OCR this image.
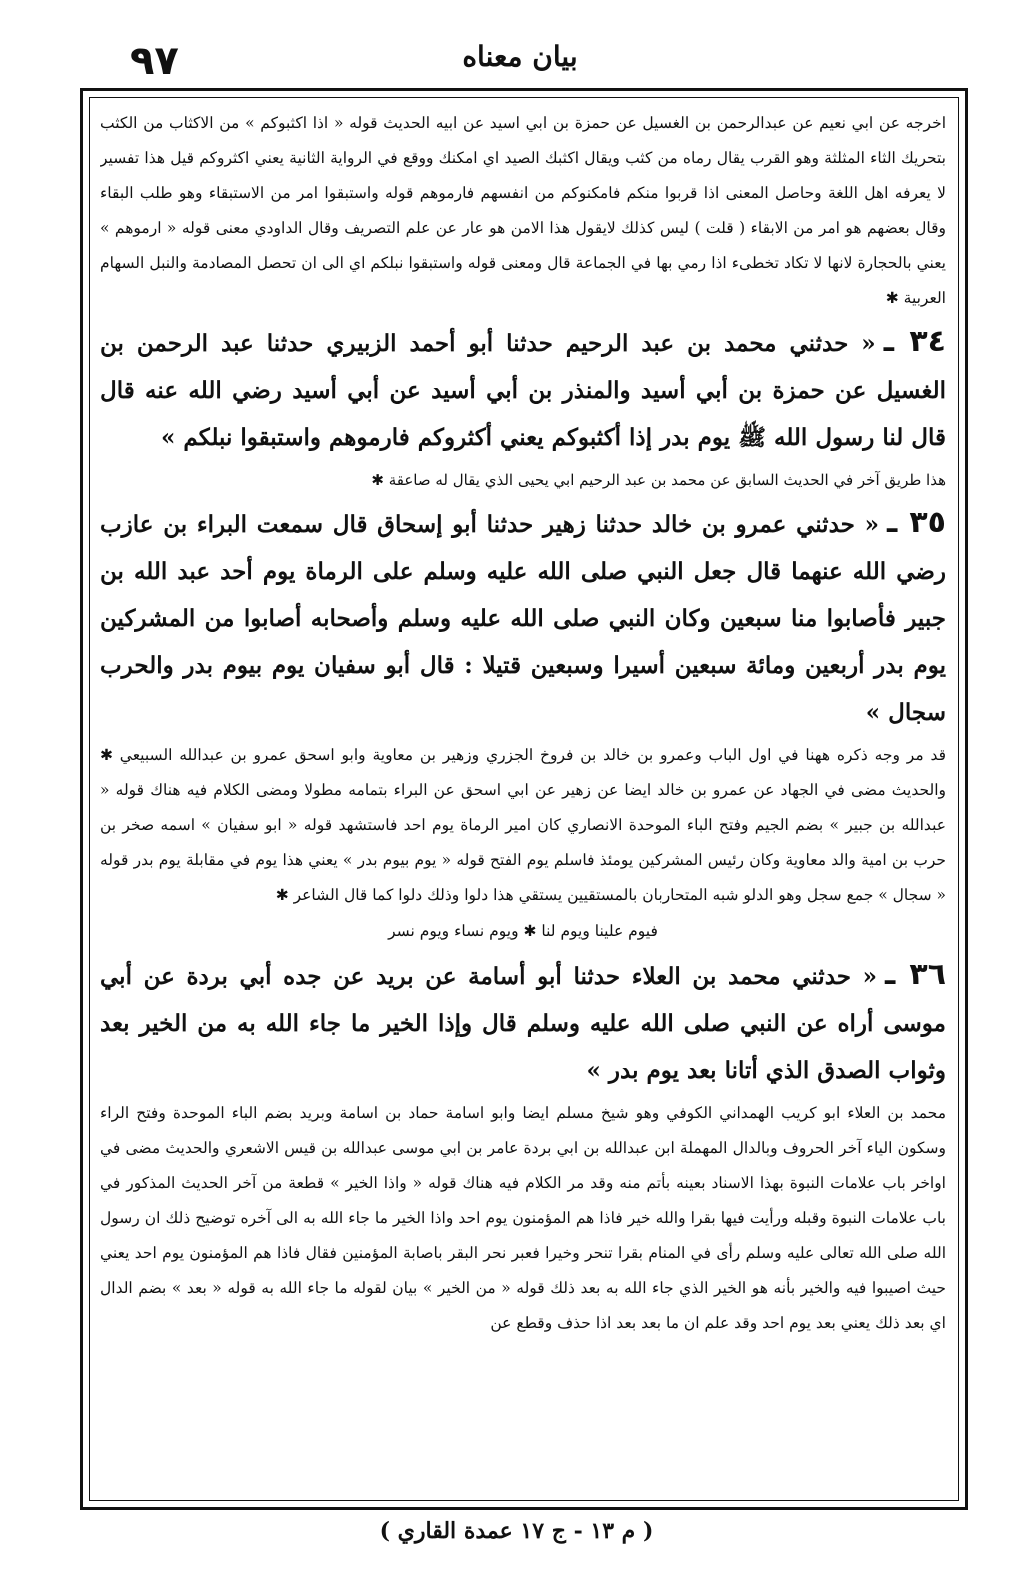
٩٧	بيان معناه

اخرجه عن ابي نعيم عن عبدالرحمن بن الغسيل عن حمزة بن ابي اسيد عن ابيه الحديث قوله « اذا اكثبوكم » من الاكثاب من الكثب بتحريك الثاء المثلثة وهو القرب يقال رماه من كثب ويقال اكثبك الصيد اي امكنك ووقع في الرواية الثانية يعني اكثروكم قيل هذا تفسير لا يعرفه اهل اللغة وحاصل المعنى اذا قربوا منكم فامكنوكم من انفسهم فارموهم قوله واستبقوا امر من الاستبقاء وهو طلب البقاء وقال بعضهم هو امر من الابقاء ( قلت ) ليس كذلك لايقول هذا الامن هو عار عن علم التصريف وقال الداودي معنى قوله « ارموهم » يعني بالحجارة لانها لا تكاد تخطىء اذا رمي بها في الجماعة قال ومعنى قوله واستبقوا نبلكم اي الى ان تحصل المصادمة والنبل السهام العربية ✱

٣٤ ـ« حدثني محمد بن عبد الرحيم حدثنا أبو أحمد الزبيري حدثنا عبد الرحمن بن الغسيل عن حمزة بن أبي أسيد والمنذر بن أبي أسيد عن أبي أسيد رضي الله عنه قال قال لنا رسول الله ﷺ يوم بدر إذا أكثبوكم يعني أكثروكم فارموهم واستبقوا نبلكم »

هذا طريق آخر في الحديث السابق عن محمد بن عبد الرحيم ابي يحيى الذي يقال له صاعقة ✱

٣٥ ـ« حدثني عمرو بن خالد حدثنا زهير حدثنا أبو إسحاق قال سمعت البراء بن عازب رضي الله عنهما قال جعل النبي صلى الله عليه وسلم على الرماة يوم أحد عبد الله بن جبير فأصابوا منا سبعين وكان النبي صلى الله عليه وسلم وأصحابه أصابوا من المشركين يوم بدر أربعين ومائة سبعين أسيرا وسبعين قتيلا : قال أبو سفيان يوم بيوم بدر والحرب سجال »

قد مر وجه ذكره ههنا في اول الباب وعمرو بن خالد بن فروخ الجزري وزهير بن معاوية وابو اسحق عمرو بن عبدالله السبيعي ✱ والحديث مضى في الجهاد عن عمرو بن خالد ايضا عن زهير عن ابي اسحق عن البراء بتمامه مطولا ومضى الكلام فيه هناك قوله « عبدالله بن جبير » بضم الجيم وفتح الباء الموحدة الانصاري كان امير الرماة يوم احد فاستشهد قوله « ابو سفيان » اسمه صخر بن حرب بن امية والد معاوية وكان رئيس المشركين يومئذ فاسلم يوم الفتح قوله « يوم بيوم بدر » يعني هذا يوم في مقابلة يوم بدر قوله « سجال » جمع سجل وهو الدلو شبه المتحاربان بالمستقيين يستقي هذا دلوا وذلك دلوا كما قال الشاعر ✱

فيوم علينا ويوم لنا ✱ ويوم نساء ويوم نسر

٣٦ ـ« حدثني محمد بن العلاء حدثنا أبو أسامة عن بريد عن جده أبي بردة عن أبي موسى أراه عن النبي صلى الله عليه وسلم قال وإذا الخير ما جاء الله به من الخير بعد وثواب الصدق الذي أتانا بعد يوم بدر »

محمد بن العلاء ابو كريب الهمداني الكوفي وهو شيخ مسلم ايضا وابو اسامة حماد بن اسامة وبريد بضم الباء الموحدة وفتح الراء وسكون الياء آخر الحروف وبالدال المهملة ابن عبدالله بن ابي بردة عامر بن ابي موسى عبدالله بن قيس الاشعري والحديث مضى في اواخر باب علامات النبوة بهذا الاسناد بعينه بأتم منه وقد مر الكلام فيه هناك قوله « واذا الخير » قطعة من آخر الحديث المذكور في باب علامات النبوة وقبله ورأيت فيها بقرا والله خير فاذا هم المؤمنون يوم احد واذا الخير ما جاء الله به الى آخره توضيح ذلك ان رسول الله صلى الله تعالى عليه وسلم رأى في المنام بقرا تنحر وخيرا فعبر نحر البقر باصابة المؤمنين فقال فاذا هم المؤمنون يوم احد يعني حيث اصيبوا فيه والخير بأنه هو الخير الذي جاء الله به بعد ذلك قوله « من الخير » بيان لقوله ما جاء الله به قوله « بعد » بضم الدال اي بعد ذلك يعني بعد يوم احد وقد علم ان ما بعد بعد اذا حذف وقطع عن

( م ١٣ - ج ١٧ عمدة القاري )
